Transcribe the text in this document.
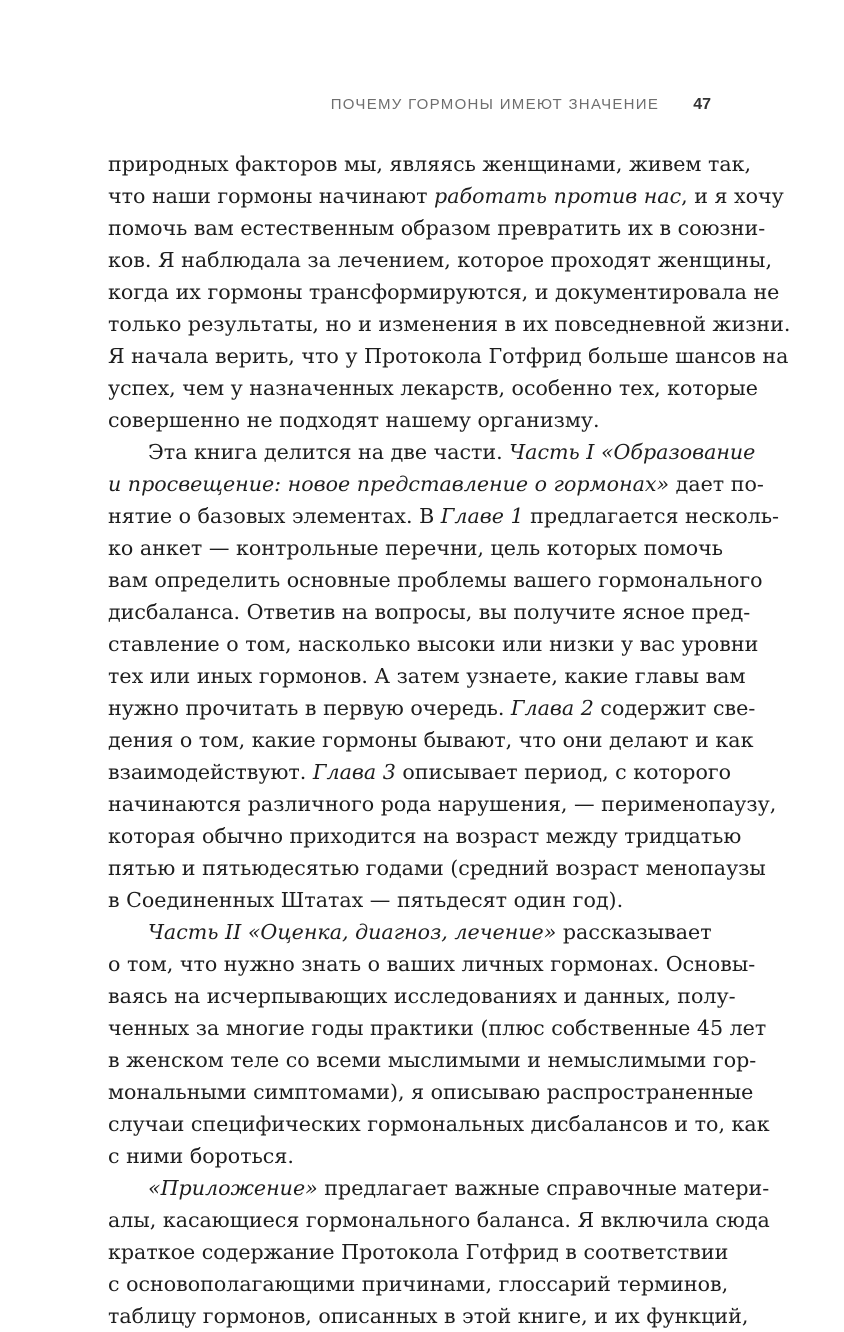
ПОЧЕМУ ГОРМОНЫ ИМЕЮТ ЗНАЧЕНИЕ 47
природных факторов мы, являясь женщинами, живем так,
что наши гормоны начинают работать против нас, и я хочу
помочь вам естественным образом превратить их в союзни-
ков. Я наблюдала за лечением, которое проходят женщины,
когда их гормоны трансформируются, и документировала не
только результаты, но и изменения в их повседневной жизни.
Я начала верить, что у Протокола Готфрид больше шансов на
успех, чем у назначенных лекарств, особенно тех, которые
совершенно не подходят нашему организму.
Эта книга делится на две части. Часть I «Образование
и просвещение: новое представление о гормонах» дает по-
нятие о базовых элементах. В Главе 1 предлагается несколь-
ко анкет — контрольные перечни, цель которых помочь
вам определить основные проблемы вашего гормонального
дисбаланса. Ответив на вопросы, вы получите ясное пред-
ставление о том, насколько высоки или низки у вас уровни
тех или иных гормонов. А затем узнаете, какие главы вам
нужно прочитать в первую очередь. Глава 2 содержит све-
дения о том, какие гормоны бывают, что они делают и как
взаимодействуют. Глава 3 описывает период, с которого
начинаются различного рода нарушения, — перименопаузу,
которая обычно приходится на возраст между тридцатью
пятью и пятьюдесятью годами (средний возраст менопаузы
в Соединенных Штатах — пятьдесят один год).
Часть II «Оценка, диагноз, лечение» рассказывает
о том, что нужно знать о ваших личных гормонах. Основы-
ваясь на исчерпывающих исследованиях и данных, полу-
ченных за многие годы практики (плюс собственные 45 лет
в женском теле со всеми мыслимыми и немыслимыми гор-
мональными симптомами), я описываю распространенные
случаи специфических гормональных дисбалансов и то, как
с ними бороться.
«Приложение» предлагает важные справочные матери-
алы, касающиеся гормонального баланса. Я включила сюда
краткое содержание Протокола Готфрид в соответствии
с основополагающими причинами, глоссарий терминов,
таблицу гормонов, описанных в этой книге, и их функций,
